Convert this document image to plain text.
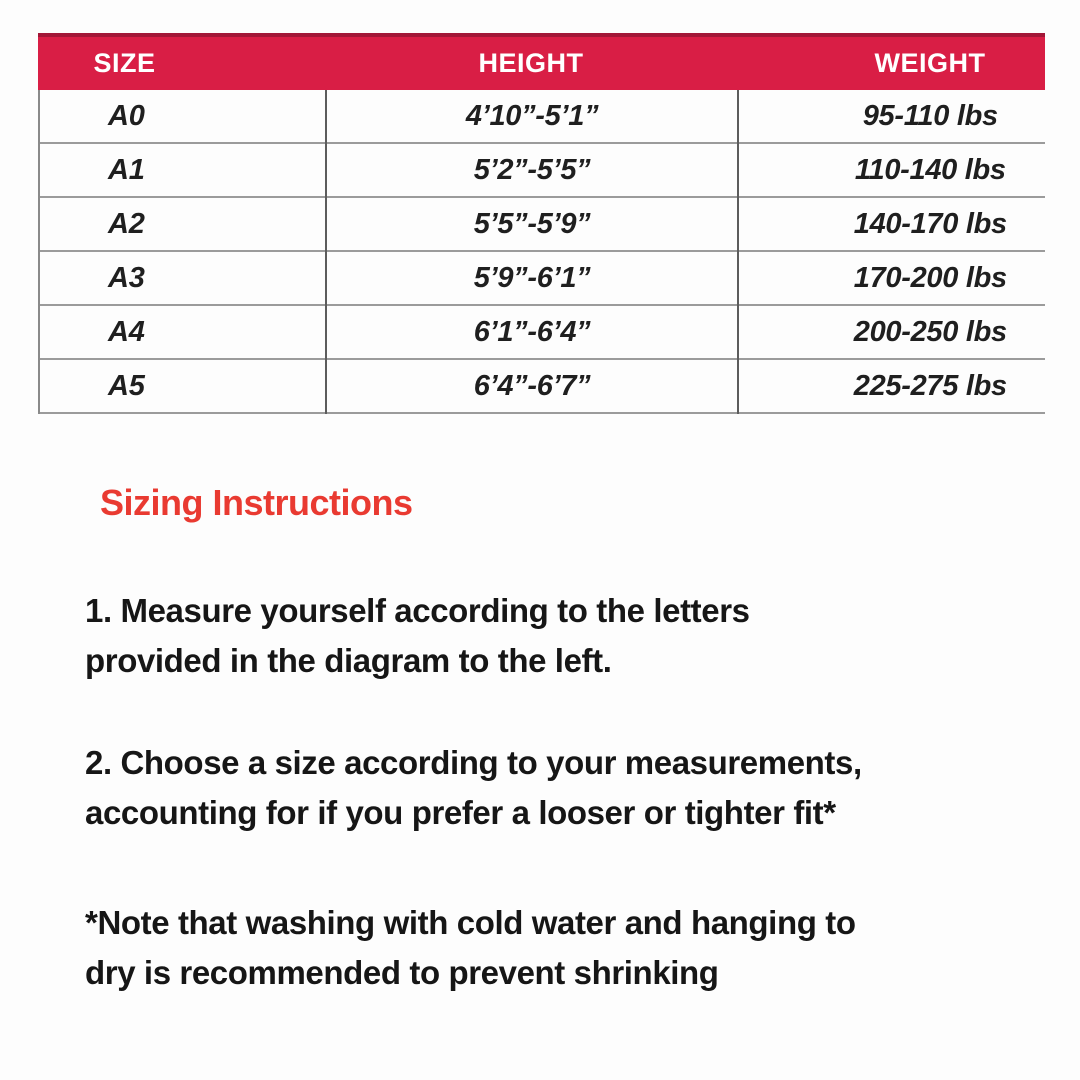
SIZE	HEIGHT	WEIGHT
A0	4’10”-5’1”	95-110 lbs
A1	5’2”-5’5”	110-140 lbs
A2	5’5”-5’9”	140-170 lbs
A3	5’9”-6’1”	170-200 lbs
A4	6’1”-6’4”	200-250 lbs
A5	6’4”-6’7”	225-275 lbs
Sizing Instructions
1. Measure yourself according to the letters
provided in the diagram to the left.
2. Choose a size according to your measurements,
accounting for if you prefer a looser or tighter fit*
*Note that washing with cold water and hanging to
dry is recommended to prevent shrinking
